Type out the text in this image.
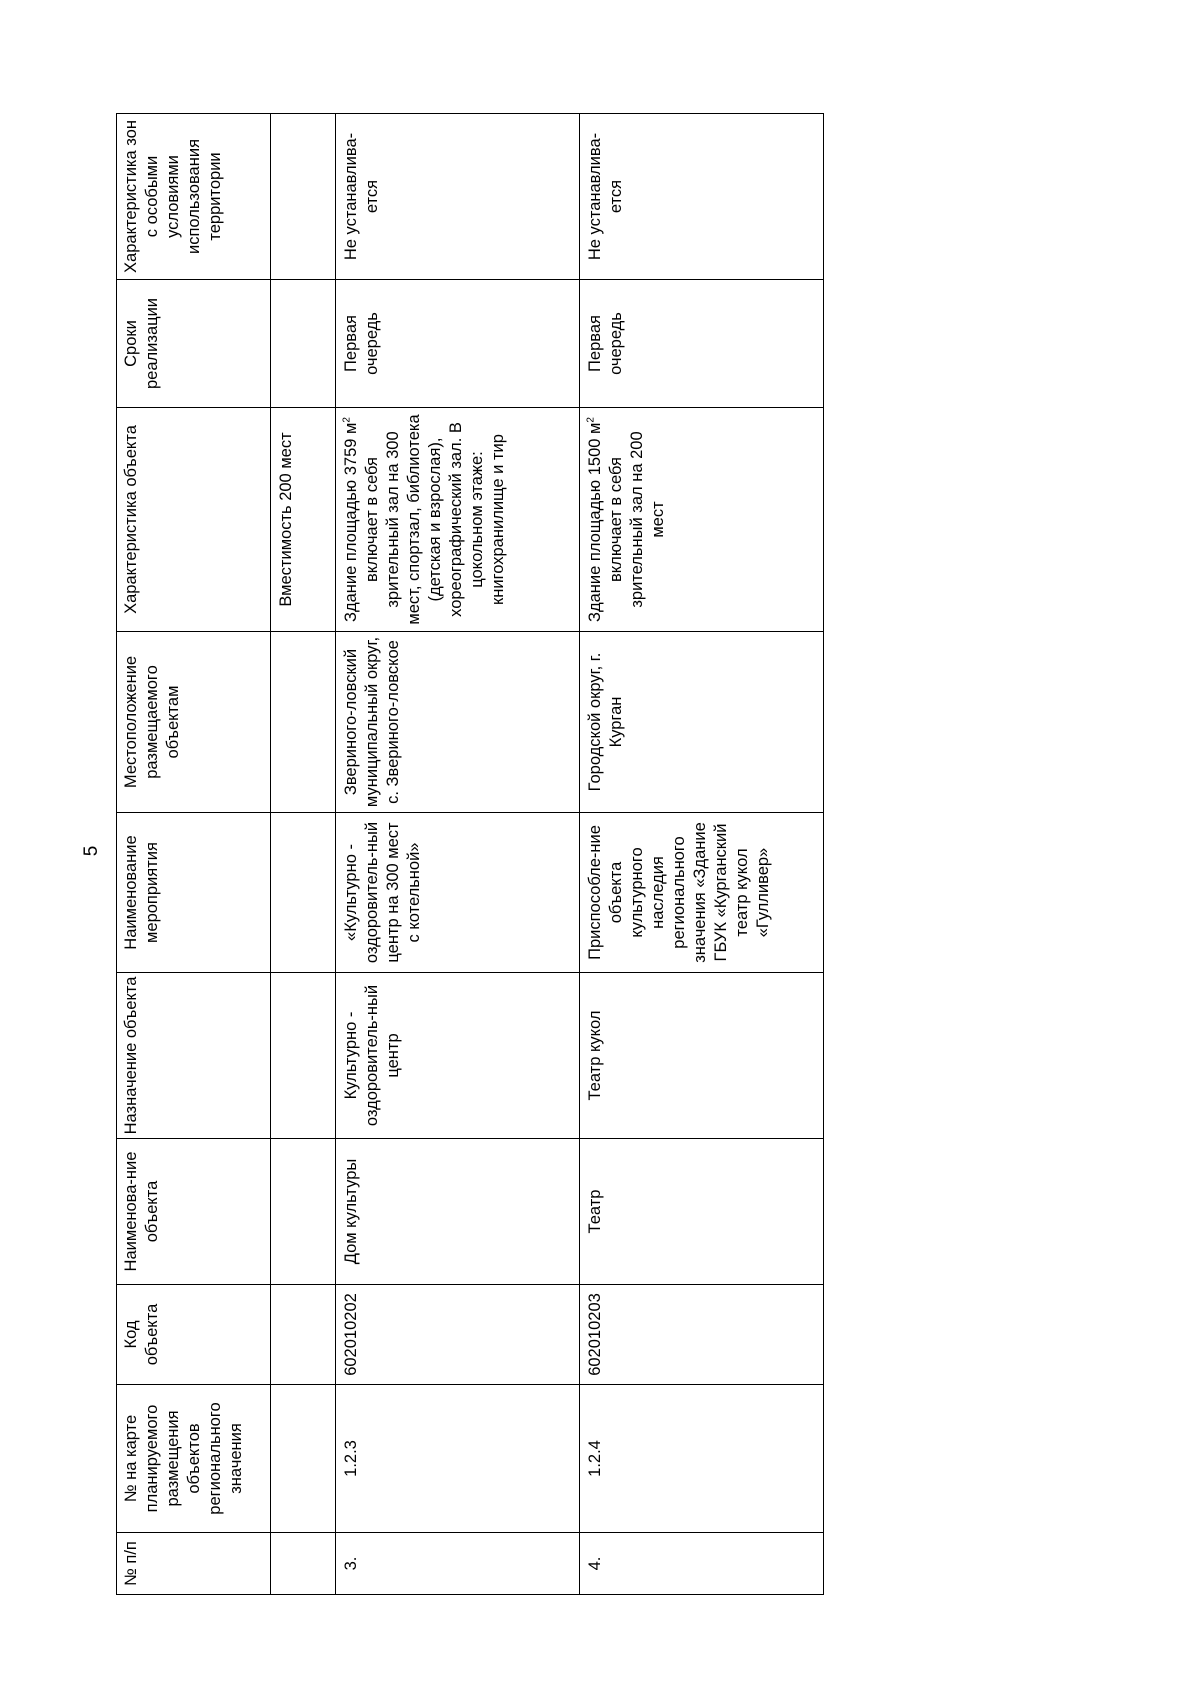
5
№ п/п	№ на карте планируемого размещения объектов регионального значения	Код объекта	Наименова-ние объекта	Назначение объекта	Наименование мероприятия	Местоположение размещаемого объектам	Характеристика объекта	Сроки реализации	Характеристика зон с особыми условиями использования территории
							Вместимость 200 мест		
3.	1.2.3	602010202	Дом культуры	Культурно - оздоровитель-ный центр	«Культурно - оздоровитель-ный центр на 300 мест с котельной»	Звериного-ловский муниципальный округ, с. Звериного-ловское	Здание площадью 3759 $м^2$ включает в себя зрительный зал на 300 мест, спортзал, библиотека (детская и взрослая), хореографический зал. В цокольном этаже: книгохранилище и тир	Первая очередь	Не устанавлива-ется
4.	1.2.4	602010203	Театр	Театр кукол	Приспособле-ние объекта культурного наследия регионального значения «Здание ГБУК «Курганский театр кукол «Гулливер»	Городской округ, г. Курган	Здание площадью 1500 $м^2$ включает в себя зрительный зал на 200 мест	Первая очередь	Не устанавлива-ется
